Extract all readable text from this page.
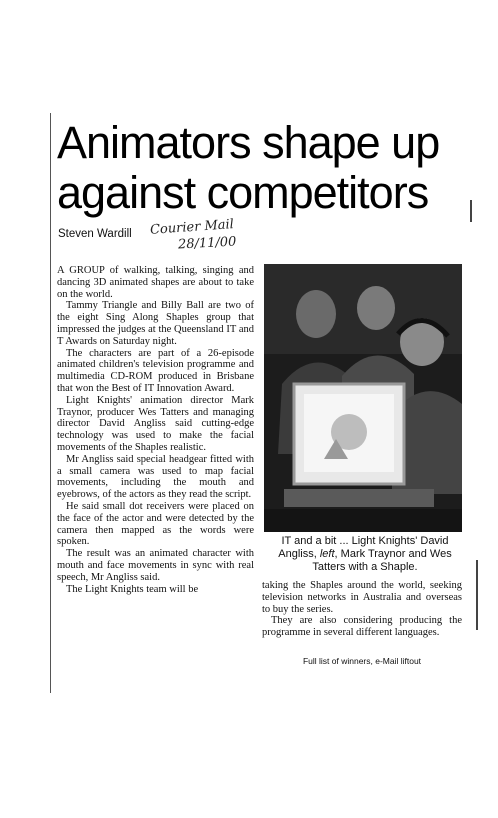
Animators shape up
against competitors
Steven Wardill Courier Mail
28/11/00

A GROUP of walking, talking, singing and dancing 3D animated shapes are about to take on the world.

Tammy Triangle and Billy Ball are two of the eight Sing Along Shaples group that impressed the judges at the Queensland IT and T Awards on Saturday night.

The characters are part of a 26-episode animated children's television programme and multimedia CD-ROM produced in Brisbane that won the Best of IT Innovation Award.

Light Knights' animation director Mark Traynor, producer Wes Tatters and managing director David Angliss said cutting-edge technology was used to make the facial movements of the Shaples realistic.

Mr Angliss said special headgear fitted with a small camera was used to map facial movements, including the mouth and eyebrows, of the actors as they read the script.

He said small dot receivers were placed on the face of the actor and were detected by the camera then mapped as the words were spoken.

The result was an animated character with mouth and face movements in sync with real speech, Mr Angliss said.

The Light Knights team will be

IT and a bit ... Light Knights' David Angliss, left, Mark Traynor and Wes Tatters with a Shaple.

taking the Shaples around the world, seeking television networks in Australia and overseas to buy the series.

They are also considering producing the programme in several different languages.

Full list of winners, e-Mail liftout
